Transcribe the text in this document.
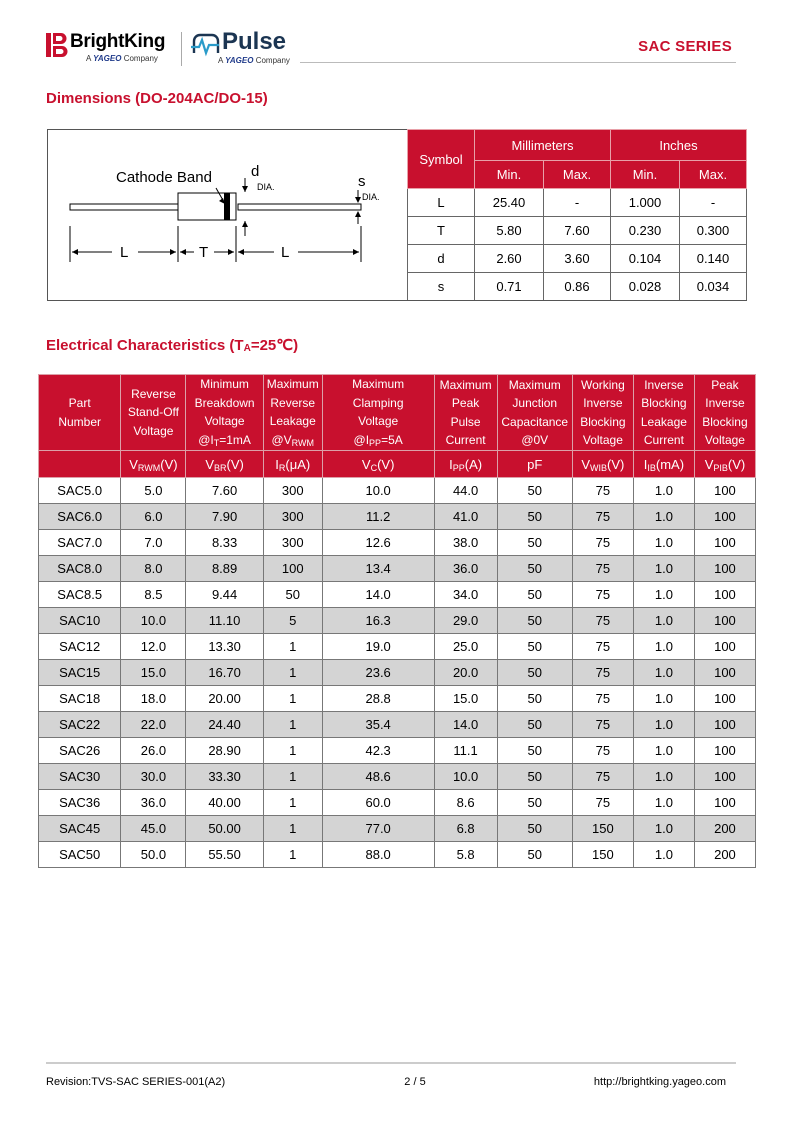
BrightKing
A YAGEO Company
Pulse
A YAGEO Company
SAC SERIES
Dimensions (DO-204AC/DO-15)
Cathode Band	d
DIA.	s
DIA.
L	T	L
Symbol	Millimeters		Inches	
	Min.	Max.	Min.	Max.
L	25.40	-	1.000	-
T	5.80	7.60	0.230	0.300
d	2.60	3.60	0.104	0.140
s	0.71	0.86	0.028	0.034
Electrical Characteristics $(T_A=25℃)$
Part
Number	Reverse
Stand-Off
Voltage	Minimum
Breakdown
Voltage
$@I_T=1mA$	Maximum
Reverse
Leakage
$@V_{RWM}$	Maximum
Clamping
Voltage
$@I_{PP}=5A$	Maximum
Peak
Pulse
Current	Maximum
Junction
Capacitance
@0V	Working
Inverse
Blocking
Voltage	Inverse
Blocking
Leakage
Current	Peak
Inverse
Blocking
Voltage
	$V_{RWM}(V)$	$V_{BR}(V)$	$I_R(\mu A)$	$V_C(V)$	$I_{PP}(A)$	pF	$V_{WIB}(V)$	$I_{IB}(mA)$	$V_{PIB}(V)$
SAC5.0	5.0	7.60	300	10.0	44.0	50	75	1.0	100
SAC6.0	6.0	7.90	300	11.2	41.0	50	75	1.0	100
SAC7.0	7.0	8.33	300	12.6	38.0	50	75	1.0	100
SAC8.0	8.0	8.89	100	13.4	36.0	50	75	1.0	100
SAC8.5	8.5	9.44	50	14.0	34.0	50	75	1.0	100
SAC10	10.0	11.10	5	16.3	29.0	50	75	1.0	100
SAC12	12.0	13.30	1	19.0	25.0	50	75	1.0	100
SAC15	15.0	16.70	1	23.6	20.0	50	75	1.0	100
SAC18	18.0	20.00	1	28.8	15.0	50	75	1.0	100
SAC22	22.0	24.40	1	35.4	14.0	50	75	1.0	100
SAC26	26.0	28.90	1	42.3	11.1	50	75	1.0	100
SAC30	30.0	33.30	1	48.6	10.0	50	75	1.0	100
SAC36	36.0	40.00	1	60.0	8.6	50	75	1.0	100
SAC45	45.0	50.00	1	77.0	6.8	50	150	1.0	200
SAC50	50.0	55.50	1	88.0	5.8	50	150	1.0	200
Revision:TVS-SAC SERIES-001(A2)	2 / 5	http://brightking.yageo.com
